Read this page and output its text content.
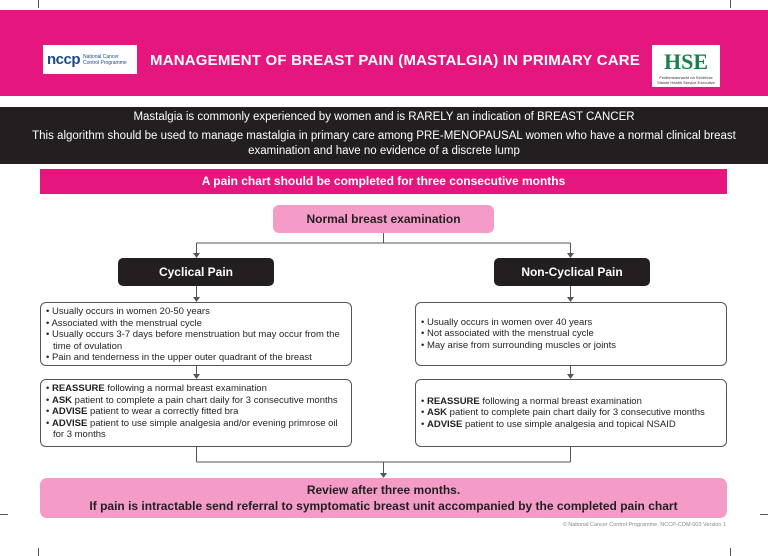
nccp National Cancer Control Programme	MANAGEMENT OF BREAST PAIN (MASTALGIA) IN PRIMARY CARE HSE
Feidhmeannacht na Seirbhíse Sláinte Health Service Executive

Mastalgia is commonly experienced by women and is RARELY an indication of BREAST CANCER

This algorithm should be used to manage mastalgia in primary care among PRE-MENOPAUSAL women who have a normal clinical breast examination and have no evidence of a discrete lump

A pain chart should be completed for three consecutive months
Normal breast examination
Cyclical Pain	Non-Cyclical Pain
• Usually occurs in women 20-50 years
• Associated with the menstrual cycle
• Usually occurs 3-7 days before menstruation but may occur from the time of ovulation
• Pain and tenderness in the upper outer quadrant of the breast
• Usually occurs in women over 40 years
• Not associated with the menstrual cycle
• May arise from surrounding muscles or joints
• REASSURE following a normal breast examination
• ASK patient to complete a pain chart daily for 3 consecutive months
• ADVISE patient to wear a correctly fitted bra
• ADVISE patient to use simple analgesia and/or evening primrose oil for 3 months
• REASSURE following a normal breast examination
• ASK patient to complete pain chart daily for 3 consecutive months
• ADVISE patient to use simple analgesia and topical NSAID
Review after three months.
If pain is intractable send referral to symptomatic breast unit accompanied by the completed pain chart
© National Cancer Control Programme. NCCP-COM-003 Version 1
